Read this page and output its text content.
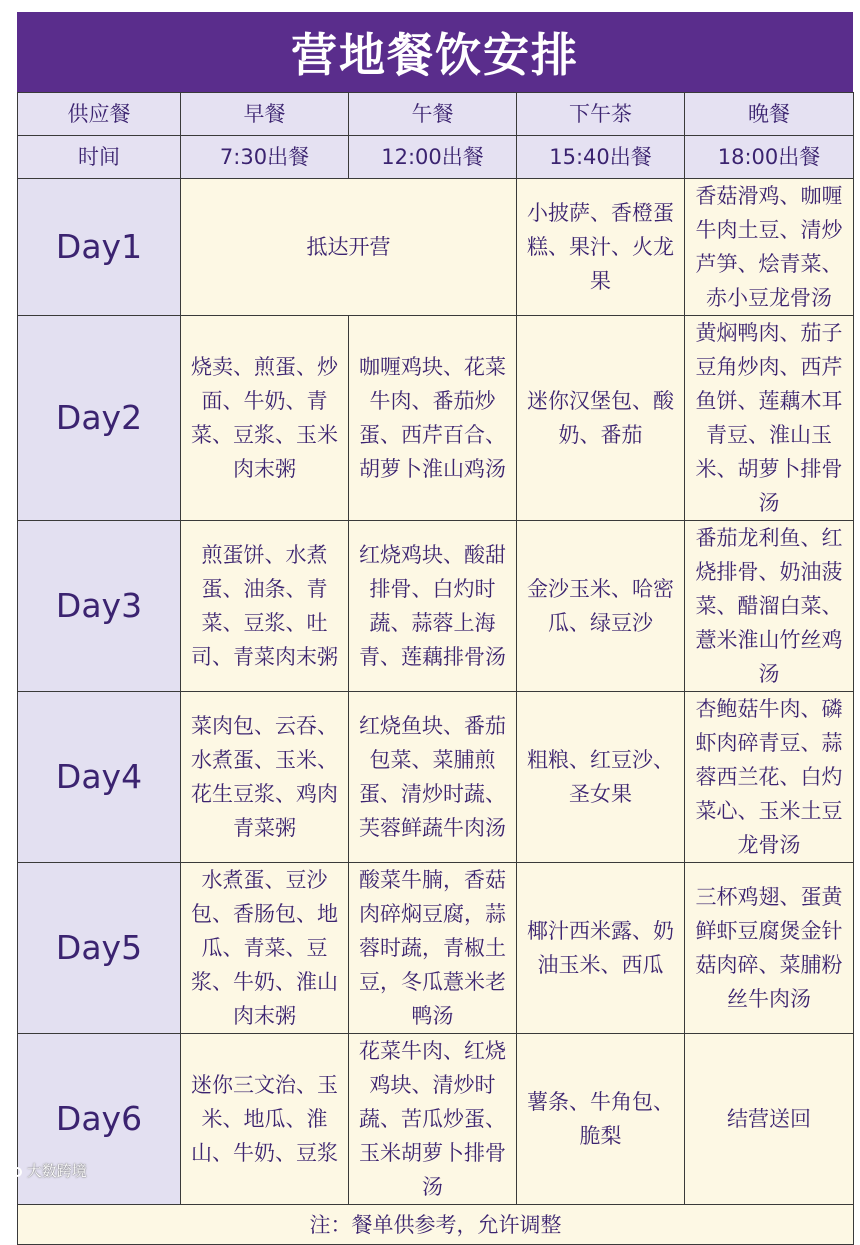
营地餐饮安排
供应餐	早餐	午餐	下午茶	晚餐
时间	7:30出餐	12:00出餐	15:40出餐	18:00出餐
Day1	抵达开营		小披萨、香橙蛋糕、果汁、火龙果	香菇滑鸡、咖喱牛肉土豆、清炒芦笋、烩青菜、赤小豆龙骨汤
Day2	烧卖、煎蛋、炒面、牛奶、青菜、豆浆、玉米肉末粥	咖喱鸡块、花菜牛肉、番茄炒蛋、西芹百合、胡萝卜淮山鸡汤	迷你汉堡包、酸奶、番茄	黄焖鸭肉、茄子豆角炒肉、西芹鱼饼、莲藕木耳青豆、淮山玉米、胡萝卜排骨汤
Day3	煎蛋饼、水煮蛋、油条、青菜、豆浆、吐司、青菜肉末粥	红烧鸡块、酸甜排骨、白灼时蔬、蒜蓉上海青、莲藕排骨汤	金沙玉米、哈密瓜、绿豆沙	番茄龙利鱼、红烧排骨、奶油菠菜、醋溜白菜、薏米淮山竹丝鸡汤
Day4	菜肉包、云吞、水煮蛋、玉米、花生豆浆、鸡肉青菜粥	红烧鱼块、番茄包菜、菜脯煎蛋、清炒时蔬、芙蓉鲜蔬牛肉汤	粗粮、红豆沙、圣女果	杏鲍菇牛肉、磷虾肉碎青豆、蒜蓉西兰花、白灼菜心、玉米土豆龙骨汤
Day5	水煮蛋、豆沙包、香肠包、地瓜、青菜、豆浆、牛奶、淮山肉末粥	酸菜牛腩，香菇肉碎焖豆腐，蒜蓉时蔬，青椒土豆，冬瓜薏米老鸭汤	椰汁西米露、奶油玉米、西瓜	三杯鸡翅、蛋黄鲜虾豆腐煲金针菇肉碎、菜脯粉丝牛肉汤
Day6	迷你三文治、玉米、地瓜、淮山、牛奶、豆浆	花菜牛肉、红烧鸡块、清炒时蔬、苦瓜炒蛋、玉米胡萝卜排骨汤	薯条、牛角包、脆梨	结营送回
注：餐单供参考，允许调整				
大数跨境
